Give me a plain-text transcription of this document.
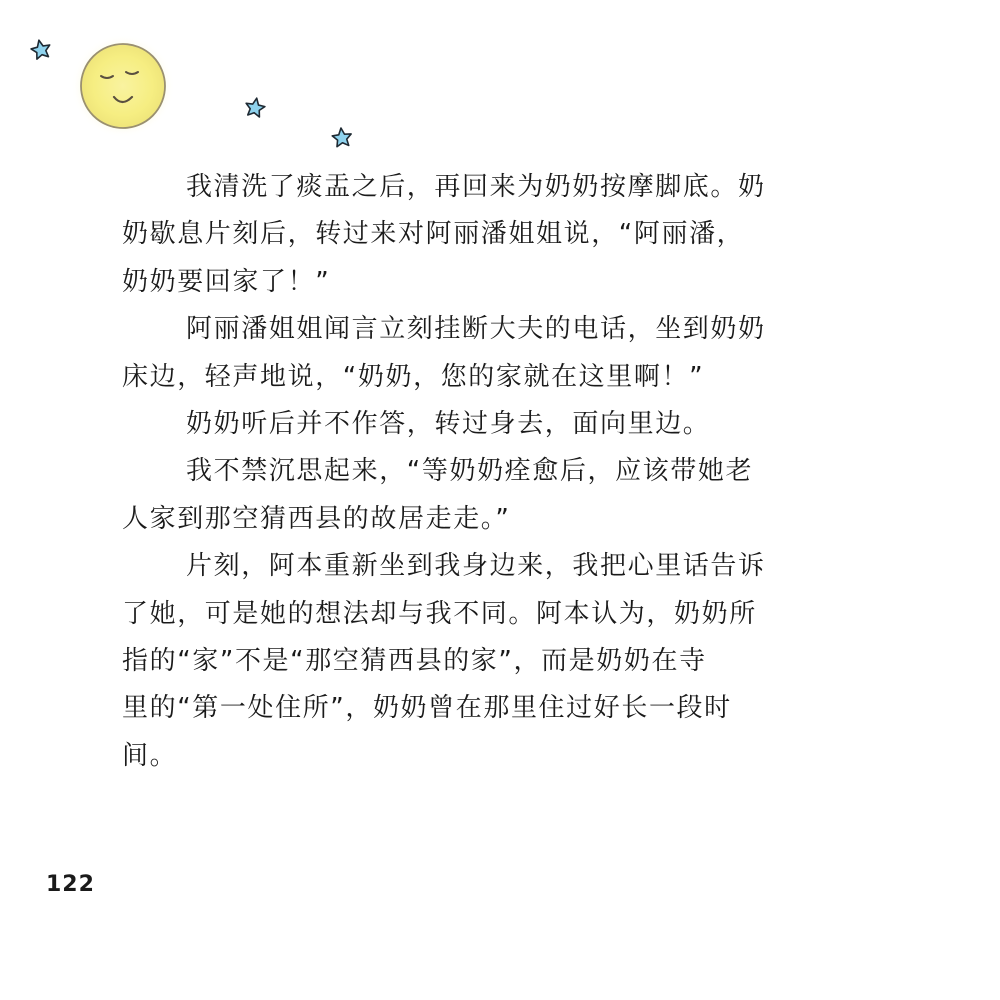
我清洗了痰盂之后，再回来为奶奶按摩脚底。奶
奶歇息片刻后，转过来对阿丽潘姐姐说，“阿丽潘，
奶奶要回家了！”
阿丽潘姐姐闻言立刻挂断大夫的电话，坐到奶奶
床边，轻声地说，“奶奶，您的家就在这里啊！”
奶奶听后并不作答，转过身去，面向里边。
我不禁沉思起来，“等奶奶痊愈后，应该带她老
人家到那空猜西县的故居走走。”
片刻，阿本重新坐到我身边来，我把心里话告诉
了她，可是她的想法却与我不同。阿本认为，奶奶所
指的“家”不是“那空猜西县的家”，而是奶奶在寺
里的“第一处住所”，奶奶曾在那里住过好长一段时
间。
122
